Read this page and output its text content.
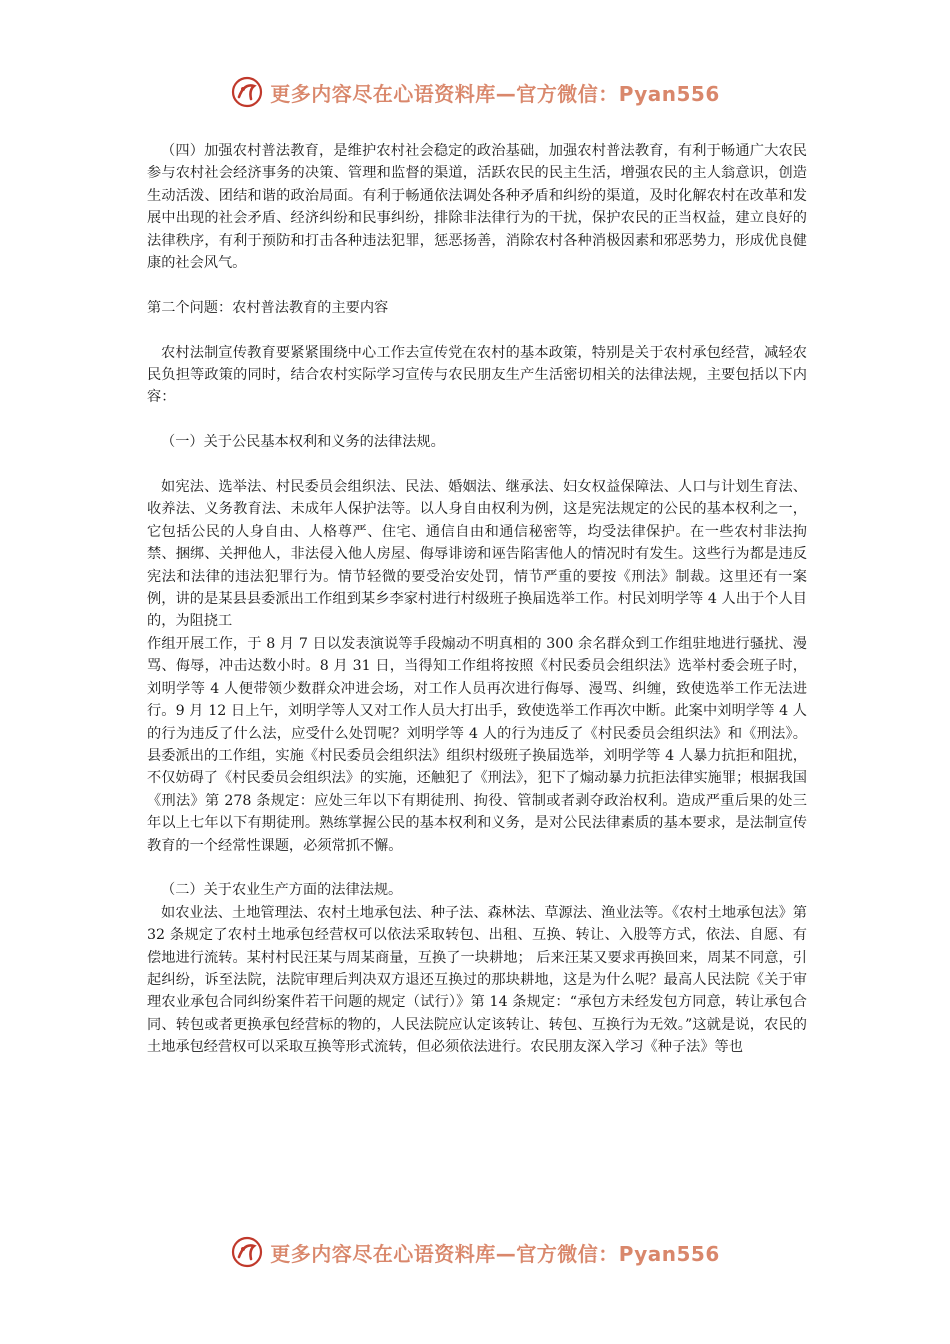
更多内容尽在心语资料库—官方微信：Pyan556

（四）加强农村普法教育，是维护农村社会稳定的政治基础，加强农村普法教育，有利于畅通广大农民参与农村社会经济事务的决策、管理和监督的渠道，活跃农民的民主生活，增强农民的主人翁意识，创造生动活泼、团结和谐的政治局面。有利于畅通依法调处各种矛盾和纠纷的渠道，及时化解农村在改革和发展中出现的社会矛盾、经济纠纷和民事纠纷，排除非法律行为的干扰，保护农民的正当权益，建立良好的法律秩序，有利于预防和打击各种违法犯罪，惩恶扬善，消除农村各种消极因素和邪恶势力，形成优良健康的社会风气。

第二个问题：农村普法教育的主要内容

农村法制宣传教育要紧紧围绕中心工作去宣传党在农村的基本政策，特别是关于农村承包经营，减轻农民负担等政策的同时，结合农村实际学习宣传与农民朋友生产生活密切相关的法律法规，主要包括以下内容：

（一）关于公民基本权利和义务的法律法规。

如宪法、选举法、村民委员会组织法、民法、婚姻法、继承法、妇女权益保障法、人口与计划生育法、收养法、义务教育法、未成年人保护法等。以人身自由权利为例，这是宪法规定的公民的基本权利之一，它包括公民的人身自由、人格尊严、住宅、通信自由和通信秘密等，均受法律保护。在一些农村非法拘禁、捆绑、关押他人，非法侵入他人房屋、侮辱诽谤和诬告陷害他人的情况时有发生。这些行为都是违反宪法和法律的违法犯罪行为。情节轻微的要受治安处罚，情节严重的要按《刑法》制裁。这里还有一案例，讲的是某县县委派出工作组到某乡李家村进行村级班子换届选举工作。村民刘明学等 4 人出于个人目的，为阻挠工

作组开展工作，于 8 月 7 日以发表演说等手段煽动不明真相的 300 余名群众到工作组驻地进行骚扰、漫骂、侮辱，冲击达数小时。8 月 31 日，当得知工作组将按照《村民委员会组织法》选举村委会班子时，刘明学等 4 人便带领少数群众冲进会场，对工作人员再次进行侮辱、漫骂、纠缠，致使选举工作无法进行。9 月 12 日上午，刘明学等人又对工作人员大打出手，致使选举工作再次中断。此案中刘明学等 4 人的行为违反了什么法，应受什么处罚呢？刘明学等 4 人的行为违反了《村民委员会组织法》和《刑法》。县委派出的工作组，实施《村民委员会组织法》组织村级班子换届选举，刘明学等 4 人暴力抗拒和阻扰，不仅妨碍了《村民委员会组织法》的实施，还触犯了《刑法》，犯下了煽动暴力抗拒法律实施罪；根据我国《刑法》第 278 条规定：应处三年以下有期徒刑、拘役、管制或者剥夺政治权利。造成严重后果的处三年以上七年以下有期徒刑。熟练掌握公民的基本权利和义务，是对公民法律素质的基本要求，是法制宣传教育的一个经常性课题，必须常抓不懈。

（二）关于农业生产方面的法律法规。

如农业法、土地管理法、农村土地承包法、种子法、森林法、草源法、渔业法等。《农村土地承包法》第 32 条规定了农村土地承包经营权可以依法采取转包、出租、互换、转让、入股等方式，依法、自愿、有偿地进行流转。某村村民汪某与周某商量，互换了一块耕地； 后来汪某又要求再换回来，周某不同意，引起纠纷，诉至法院，法院审理后判决双方退还互换过的那块耕地，这是为什么呢？最高人民法院《关于审理农业承包合同纠纷案件若干问题的规定（试行）》第 14 条规定：“承包方未经发包方同意，转让承包合同、转包或者更换承包经营标的物的，人民法院应认定该转让、转包、互换行为无效。”这就是说，农民的土地承包经营权可以采取互换等形式流转，但必须依法进行。农民朋友深入学习《种子法》等也

更多内容尽在心语资料库—官方微信：Pyan556
